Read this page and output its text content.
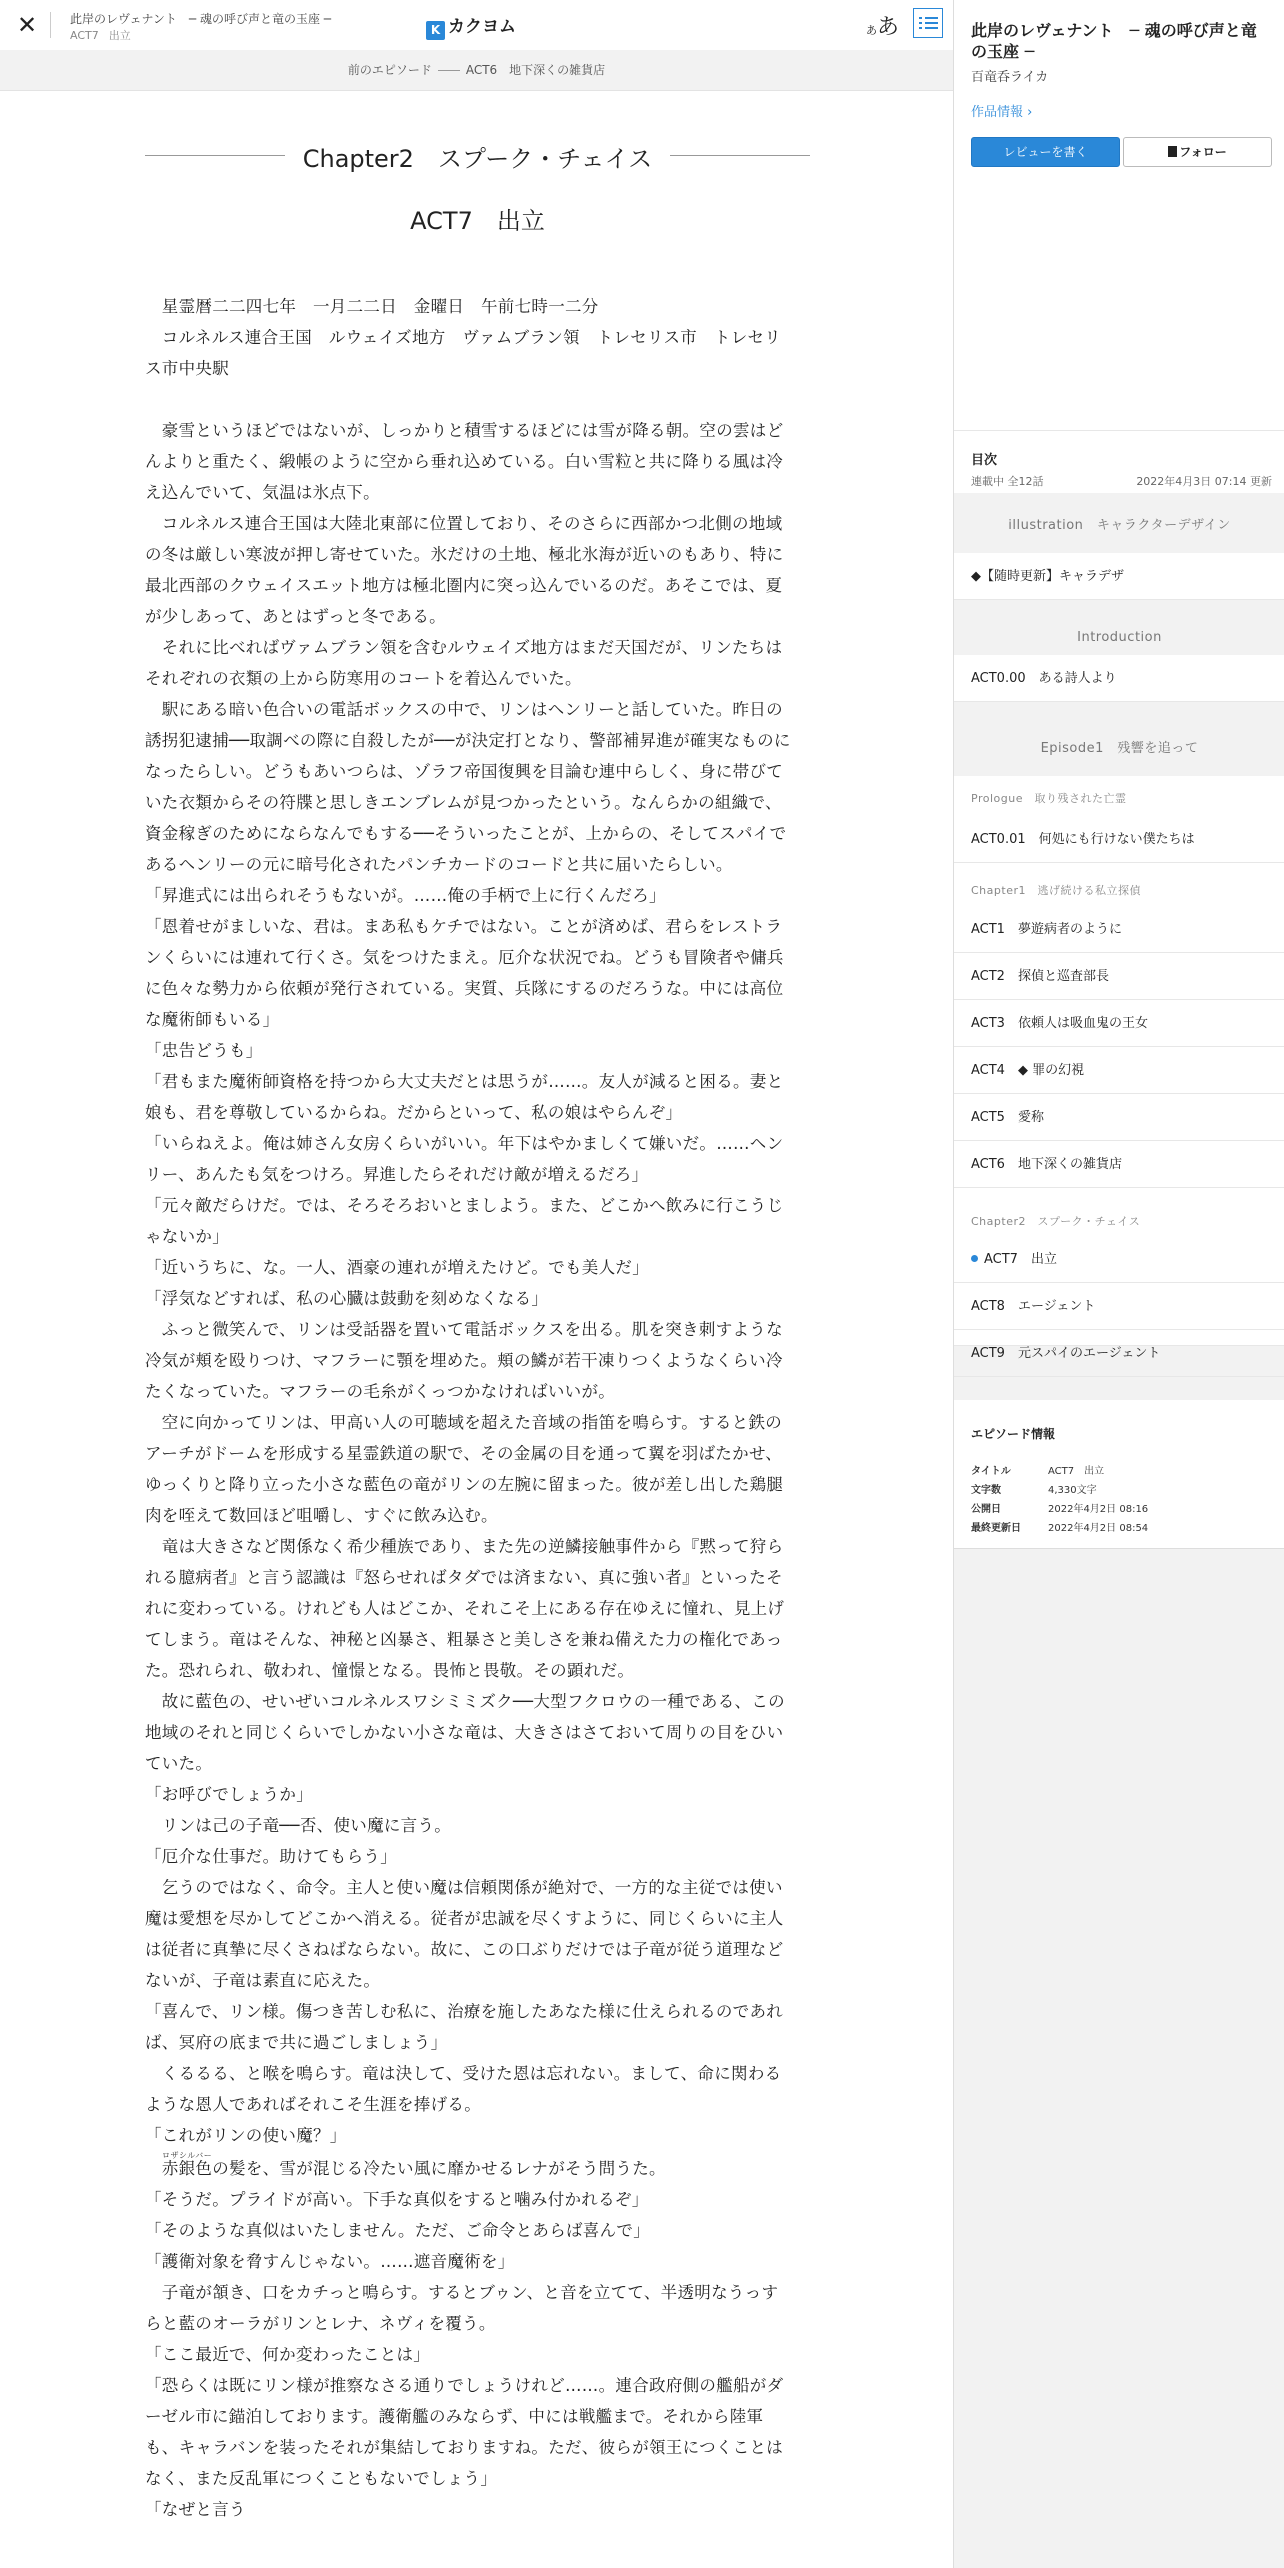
✕	此岸のレヴェナント　─ 魂の呼び声と竜の玉座 ─
ACT7 出立	K カクヨム	ああ
前のエピソード	ACT6　地下深くの雑貨店
Chapter2　スプーク・チェイス
ACT7　出立

　星霊暦二二四七年　一月二二日　金曜日　午前七時一二分

　コルネルス連合王国　ルウェイズ地方　ヴァムブラン領　トレセリス市　トレセリス市中央駅

　豪雪というほどではないが、しっかりと積雪するほどには雪が降る朝。空の雲はどんよりと重たく、緞帳のように空から垂れ込めている。白い雪粒と共に降りる風は冷え込んでいて、気温は氷点下。

　コルネルス連合王国は大陸北東部に位置しており、そのさらに西部かつ北側の地域の冬は厳しい寒波が押し寄せていた。氷だけの土地、極北氷海が近いのもあり、特に最北西部のクウェイスエット地方は極北圏内に突っ込んでいるのだ。あそこでは、夏が少しあって、あとはずっと冬である。

　それに比べればヴァムブラン領を含むルウェイズ地方はまだ天国だが、リンたちはそれぞれの衣類の上から防寒用のコートを着込んでいた。

　駅にある暗い色合いの電話ボックスの中で、リンはヘンリーと話していた。昨日の誘拐犯逮捕──取調べの際に自殺したが──が決定打となり、警部補昇進が確実なものになったらしい。どうもあいつらは、ゾラフ帝国復興を目論む連中らしく、身に帯びていた衣類からその符牒と思しきエンブレムが見つかったという。なんらかの組織で、資金稼ぎのためにならなんでもする──そういったことが、上からの、そしてスパイであるヘンリーの元に暗号化されたパンチカードのコードと共に届いたらしい。

「昇進式には出られそうもないが。……俺の手柄で上に行くんだろ」

「恩着せがましいな、君は。まあ私もケチではない。ことが済めば、君らをレストランくらいには連れて行くさ。気をつけたまえ。厄介な状況でね。どうも冒険者や傭兵に色々な勢力から依頼が発行されている。実質、兵隊にするのだろうな。中には高位な魔術師もいる」

「忠告どうも」

「君もまた魔術師資格を持つから大丈夫だとは思うが……。友人が減ると困る。妻と娘も、君を尊敬しているからね。だからといって、私の娘はやらんぞ」

「いらねえよ。俺は姉さん女房くらいがいい。年下はやかましくて嫌いだ。……ヘンリー、あんたも気をつけろ。昇進したらそれだけ敵が増えるだろ」

「元々敵だらけだ。では、そろそろおいとましよう。また、どこかへ飲みに行こうじゃないか」

「近いうちに、な。一人、酒豪の連れが増えたけど。でも美人だ」

「浮気などすれば、私の心臓は鼓動を刻めなくなる」

　ふっと微笑んで、リンは受話器を置いて電話ボックスを出る。肌を突き刺すような冷気が頬を殴りつけ、マフラーに顎を埋めた。頬の鱗が若干凍りつくようなくらい冷たくなっていた。マフラーの毛糸がくっつかなければいいが。

　空に向かってリンは、甲高い人の可聴域を超えた音域の指笛を鳴らす。すると鉄のアーチがドームを形成する星霊鉄道の駅で、その金属の目を通って翼を羽ばたかせ、ゆっくりと降り立った小さな藍色の竜がリンの左腕に留まった。彼が差し出した鶏腿肉を咥えて数回ほど咀嚼し、すぐに飲み込む。

　竜は大きさなど関係なく希少種族であり、また先の逆鱗接触事件から『黙って狩られる臆病者』と言う認識は『怒らせればタダでは済まない、真に強い者』といったそれに変わっている。けれども人はどこか、それこそ上にある存在ゆえに憧れ、見上げてしまう。竜はそんな、神秘と凶暴さ、粗暴さと美しさを兼ね備えた力の権化であった。恐れられ、敬われ、憧憬となる。畏怖と畏敬。その顕れだ。

　故に藍色の、せいぜいコルネルスワシミミズク──大型フクロウの一種である、この地域のそれと同じくらいでしかない小さな竜は、大きさはさておいて周りの目をひいていた。

「お呼びでしょうか」

　リンは己の子竜──否、使い魔に言う。

「厄介な仕事だ。助けてもらう」

　乞うのではなく、命令。主人と使い魔は信頼関係が絶対で、一方的な主従では使い魔は愛想を尽かしてどこかへ消える。従者が忠誠を尽くすように、同じくらいに主人は従者に真摯に尽くさねばならない。故に、この口ぶりだけでは子竜が従う道理などないが、子竜は素直に応えた。

「喜んで、リン様。傷つき苦しむ私に、治療を施したあなた様に仕えられるのであれば、冥府の底まで共に過ごしましょう」

　くるるる、と喉を鳴らす。竜は決して、受けた恩は忘れない。まして、命に関わるような恩人であればそれこそ生涯を捧げる。

「これがリンの使い魔？」

　赤銀色ロザシルバーの髪を、雪が混じる冷たい風に靡かせるレナがそう問うた。

「そうだ。プライドが高い。下手な真似をすると噛み付かれるぞ」

「そのような真似はいたしません。ただ、ご命令とあらば喜んで」

「護衛対象を脅すんじゃない。……遮音魔術を」

　子竜が頷き、口をカチっと鳴らす。するとブゥン、と音を立てて、半透明なうっすらと藍のオーラがリンとレナ、ネヴィを覆う。

「ここ最近で、何か変わったことは」

「恐らくは既にリン様が推察なさる通りでしょうけれど……。連合政府側の艦船がダーゼル市に錨泊しております。護衛艦のみならず、中には戦艦まで。それから陸軍も、キャラバンを装ったそれが集結しておりますね。ただ、彼らが領王につくことはなく、また反乱軍につくこともないでしょう」

「なぜと言う

此岸のレヴェナント　─ 魂の呼び声と竜の玉座 ─
百竜呑ライカ
作品情報 ›
レビューを書く	フォロー
目次
連載中 全12話	2022年4月3日 07:14 更新
illustration　キャラクターデザイン
◆【随時更新】キャラデザ
Introduction
ACT0.00　ある詩人より
Episode1　残響を追って
Prologue　取り残された亡霊
ACT0.01　何処にも行けない僕たちは
Chapter1　逃げ続ける私立探偵
ACT1　夢遊病者のように
ACT2　探偵と巡査部長
ACT3　依頼人は吸血鬼の王女
ACT4　◆ 罪の幻視
ACT5　愛称
ACT6　地下深くの雑貨店
Chapter2　スプーク・チェイス
ACT7　出立
ACT8　エージェント
ACT9　元スパイのエージェント
エピソード情報
タイトル	ACT7　出立
文字数	4,330文字
公開日	2022年4月2日 08:16
最終更新日	2022年4月2日 08:54
